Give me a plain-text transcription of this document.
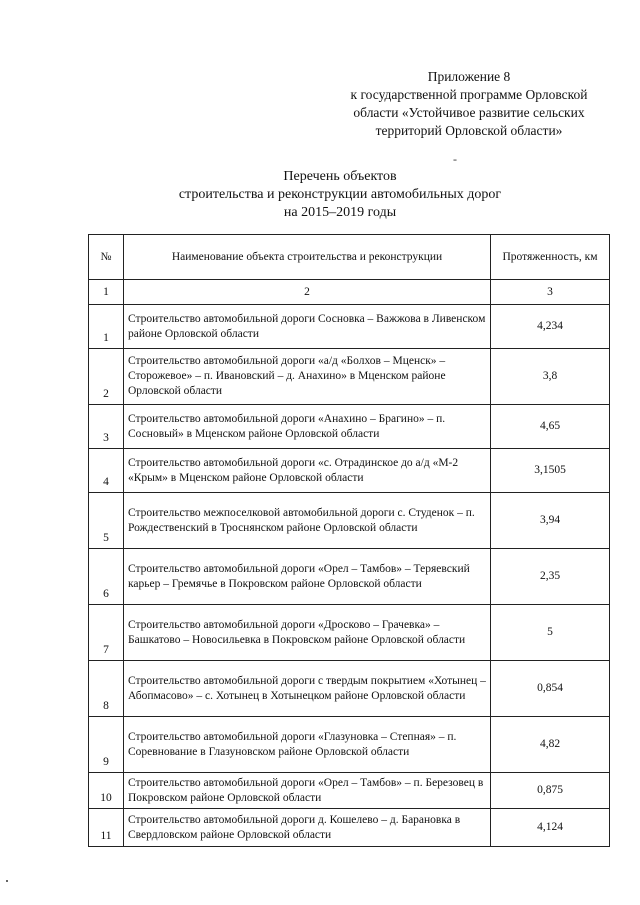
Приложение 8
к государственной программе Орловской
области «Устойчивое развитие сельских
территорий Орловской области»
-
Перечень объектов
строительства и реконструкции автомобильных дорог
на 2015–2019 годы
№	Наименование объекта строительства и реконструкции	Протяженность, км
1	2	3
1	Строительство автомобильной дороги Сосновка – Важжова в Ливенском районе Орловской области	4,234
2	Строительство автомобильной дороги «а/д «Болхов – Мценск» – Сторожевое» – п. Ивановский – д. Анахино» в Мценском районе Орловской области	3,8
3	Строительство автомобильной дороги «Анахино – Брагино» – п. Сосновый» в Мценском районе Орловской области	4,65
4	Строительство автомобильной дороги «с. Отрадинское до а/д «М-2 «Крым» в Мценском районе Орловской области	3,1505
5	Строительство межпоселковой автомобильной дороги с. Студенок – п. Рождественский в Троснянском районе Орловской области	3,94
6	Строительство автомобильной дороги «Орел – Тамбов» – Теряевский карьер – Гремячье в Покровском районе Орловской области	2,35
7	Строительство автомобильной дороги «Дросково – Грачевка» – Башкатово – Новосильевка в Покровском районе Орловской области	5
8	Строительство автомобильной дороги с твердым покрытием «Хотынец – Абопмасово» – с. Хотынец в Хотынецком районе Орловской области	0,854
9	Строительство автомобильной дороги «Глазуновка – Степная» – п. Соревнование в Глазуновском районе Орловской области	4,82
10	Строительство автомобильной дороги «Орел – Тамбов» – п. Березовец в Покровском районе Орловской области	0,875
11	Строительство автомобильной дороги д. Кошелево – д. Барановка в Свердловском районе Орловской области	4,124
